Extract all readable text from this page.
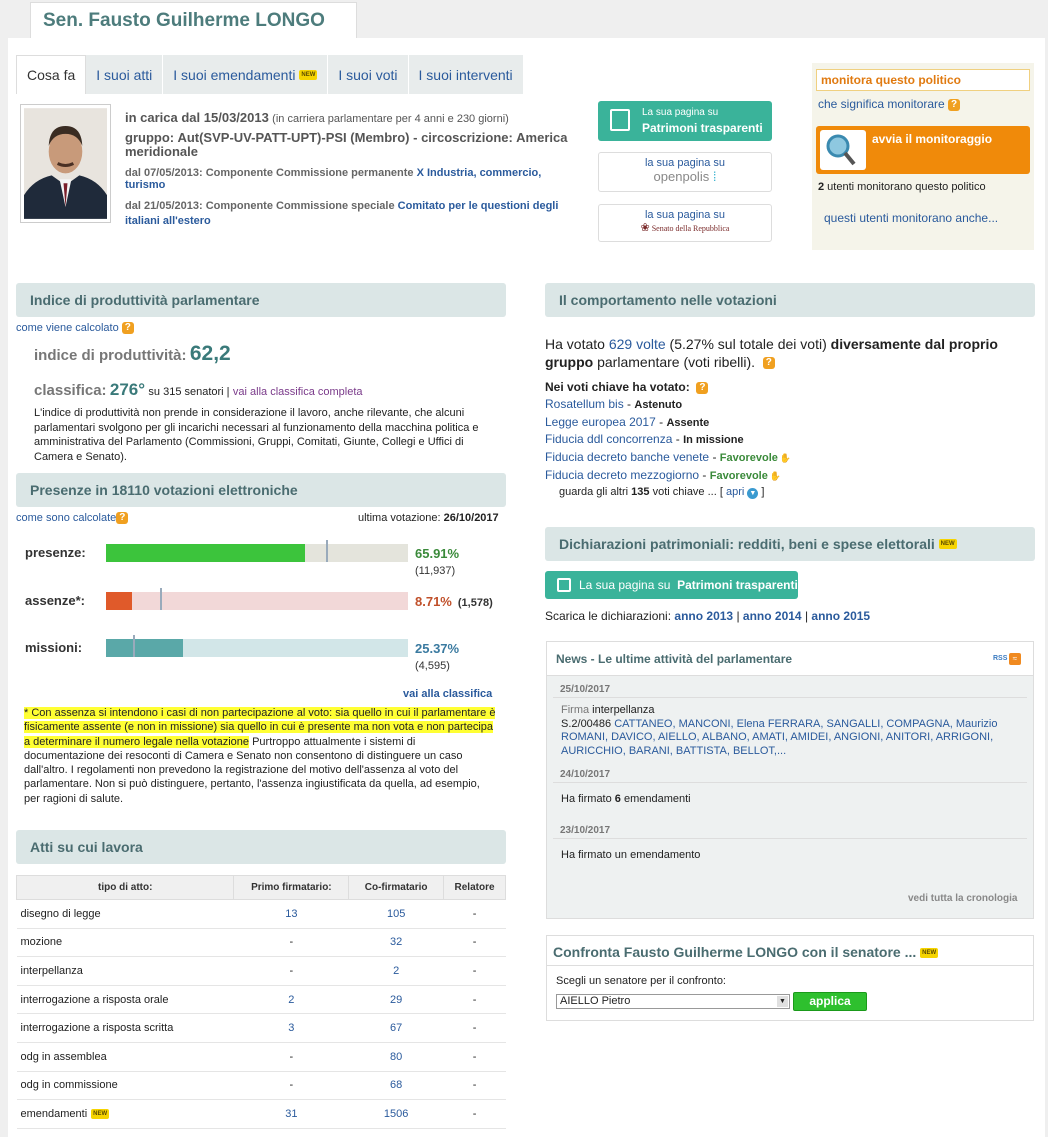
Sen. Fausto Guilherme LONGO
Cosa fa I suoi atti I suoi emendamenti
NEW I suoi voti I suoi interventi
in carica dal 15/03/2013 (in carriera parlamentare per 4 anni e 230 giorni)
gruppo: Aut(SVP-UV-PATT-UPT)-PSI (Membro) - circoscrizione: America meridionale
dal 07/05/2013: Componente Commissione permanente X Industria, commercio, turismo
dal 21/05/2013: Componente Commissione speciale Comitato per le questioni degli italiani all'estero
La sua pagina su
Patrimoni trasparenti
la sua pagina su
openpolis ⁞
la sua pagina su
❀ Senato della Repubblica
monitora questo politico
che significa monitorare ?
avvia il monitoraggio
2 utenti monitorano questo politico
questi utenti monitorano anche...
Indice di produttività parlamentare
come viene calcolato ?
indice di produttività: 62,2
classifica: 276° su 315 senatori | vai alla classifica completa
L'indice di produttività non prende in considerazione il lavoro, anche rilevante, che alcuni parlamentari svolgono per gli incarichi necessari al funzionamento della macchina politica e amministrativa del Parlamento (Commissioni, Gruppi, Comitati, Giunte, Collegi e Uffici di Camera e Senato).
Presenze in 18110 votazioni elettroniche
come sono calcolate ?	ultima votazione: 26/10/2017
presenze:
(11,937)
65.91%
assenze*:	8.71% (1,578)
missioni:
(4,595)
25.37%
vai alla classifica
* Con assenza si intendono i casi di non partecipazione al voto: sia quello in cui il parlamentare è fisicamente assente (e non in missione) sia quello in cui è presente ma non vota e non partecipa a determinare il numero legale nella votazione Purtroppo attualmente i sistemi di documentazione dei resoconti di Camera e Senato non consentono di distinguere un caso dall'altro. I regolamenti non prevedono la registrazione del motivo dell'assenza al voto del parlamentare. Non si può distinguere, pertanto, l'assenza ingiustificata da quella, ad esempio, per ragioni di salute.
Atti su cui lavora
tipo di atto:	Primo firmatario:	Co-firmatario	Relatore
disegno di legge	13	105	-
mozione	-	32	-
interpellanza	-	2	-
interrogazione a risposta orale	2	29	-
interrogazione a risposta scritta	3	67	-
odg in assemblea	-	80	-
odg in commissione	-	68	-
emendamenti NEW	31	1506	-
Il comportamento nelle votazioni
Ha votato 629 volte (5.27% sul totale dei voti) diversamente dal proprio gruppo parlamentare (voti ribelli). ?
Nei voti chiave ha votato: ?
Rosatellum bis - Astenuto
Legge europea 2017 - Assente
Fiducia ddl concorrenza - In missione
Fiducia decreto banche venete - Favorevole ✋
Fiducia decreto mezzogiorno - Favorevole ✋
guarda gli altri 135 voti chiave ... [ apri ▼ ]
Dichiarazioni patrimoniali: redditi, beni e spese elettorali
NEW
La sua pagina su Patrimoni trasparenti
Scarica le dichiarazioni: anno 2013 | anno 2014 | anno 2015
News - Le ultime attività del parlamentare	RSS ≈
25/10/2017
Firma interpellanza
S.2/00486 CATTANEO, MANCONI, Elena FERRARA, SANGALLI, COMPAGNA, Maurizio ROMANI, DAVICO, AIELLO, ALBANO, AMATI, AMIDEI, ANGIONI, ANITORI, ARRIGONI, AURICCHIO, BARANI, BATTISTA, BELLOT,...
24/10/2017
Ha firmato 6 emendamenti
23/10/2017
Ha firmato un emendamento
vedi tutta la cronologia
Confronta Fausto Guilherme LONGO con il senatore ... NEW
Scegli un senatore per il confronto:
AIELLO Pietro	▼	applica
